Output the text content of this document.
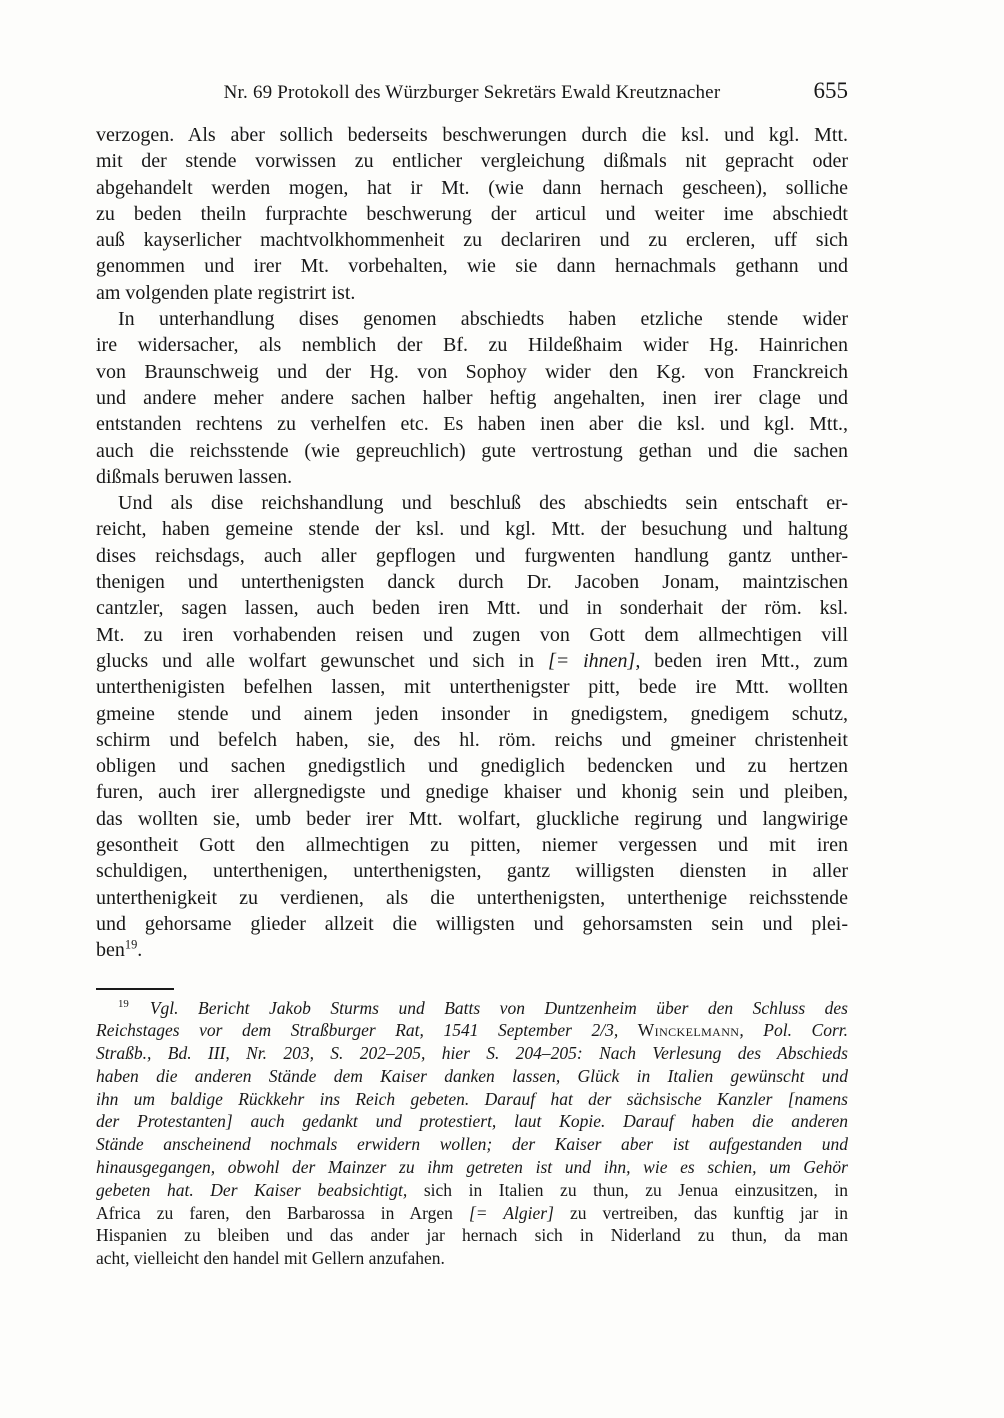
Nr. 69 Protokoll des Würzburger Sekretärs Ewald Kreutznacher	655
verzogen. Als aber sollich bederseits beschwerungen durch die ksl. und kgl. Mtt.
mit der stende vorwissen zu entlicher vergleichung dißmals nit gepracht oder
abgehandelt werden mogen, hat ir Mt. (wie dann hernach gescheen), solliche
zu beden theiln furprachte beschwerung der articul und weiter ime abschiedt
auß kayserlicher machtvolkhommenheit zu declariren und zu ercleren, uff sich
genommen und irer Mt. vorbehalten, wie sie dann hernachmals gethann und
am volgenden plate registrirt ist.
In unterhandlung dises genomen abschiedts haben etzliche stende wider
ire widersacher, als nemblich der Bf. zu Hildeßhaim wider Hg. Hainrichen
von Braunschweig und der Hg. von Sophoy wider den Kg. von Franckreich
und andere meher andere sachen halber heftig angehalten, inen irer clage und
entstanden rechtens zu verhelfen etc. Es haben inen aber die ksl. und kgl. Mtt.,
auch die reichsstende (wie gepreuchlich) gute vertrostung gethan und die sachen
dißmals beruwen lassen.
Und als dise reichshandlung und beschluß des abschiedts sein entschaft er-
reicht, haben gemeine stende der ksl. und kgl. Mtt. der besuchung und haltung
dises reichsdags, auch aller gepflogen und furgwenten handlung gantz unther-
thenigen und unterthenigsten danck durch Dr. Jacoben Jonam, maintzischen
cantzler, sagen lassen, auch beden iren Mtt. und in sonderhait der röm. ksl.
Mt. zu iren vorhabenden reisen und zugen von Gott dem allmechtigen vill
glucks und alle wolfart gewunschet und sich in [= ihnen], beden iren Mtt., zum
unterthenigisten befelhen lassen, mit unterthenigster pitt, bede ire Mtt. wollten
gmeine stende und ainem jeden insonder in gnedigstem, gnedigem schutz,
schirm und befelch haben, sie, des hl. röm. reichs und gmeiner christenheit
obligen und sachen gnedigstlich und gnediglich bedencken und zu hertzen
furen, auch irer allergnedigste und gnedige khaiser und khonig sein und pleiben,
das wollten sie, umb beder irer Mtt. wolfart, gluckliche regirung und langwirige
gesontheit Gott den allmechtigen zu pitten, niemer vergessen und mit iren
schuldigen, unterthenigen, unterthenigsten, gantz willigsten diensten in aller
unterthenigkeit zu verdienen, als die unterthenigsten, unterthenige reichsstende
und gehorsame glieder allzeit die willigsten und gehorsamsten sein und plei-
ben$^{19}$.
$^{19}$ Vgl. Bericht Jakob Sturms und Batts von Duntzenheim über den Schluss des
Reichstages vor dem Straßburger Rat, 1541 September 2/3, Winckelmann, Pol. Corr.
Straßb., Bd. III, Nr. 203, S. 202–205, hier S. 204–205: Nach Verlesung des Abschieds
haben die anderen Stände dem Kaiser danken lassen, Glück in Italien gewünscht und
ihn um baldige Rückkehr ins Reich gebeten. Darauf hat der sächsische Kanzler [namens
der Protestanten] auch gedankt und protestiert, laut Kopie. Darauf haben die anderen
Stände anscheinend nochmals erwidern wollen; der Kaiser aber ist aufgestanden und
hinausgegangen, obwohl der Mainzer zu ihm getreten ist und ihn, wie es schien, um Gehör
gebeten hat. Der Kaiser beabsichtigt, sich in Italien zu thun, zu Jenua einzusitzen, in
Africa zu faren, den Barbarossa in Argen [= Algier] zu vertreiben, das kunftig jar in
Hispanien zu bleiben und das ander jar hernach sich in Niderland zu thun, da man
acht, vielleicht den handel mit Gellern anzufahen.
